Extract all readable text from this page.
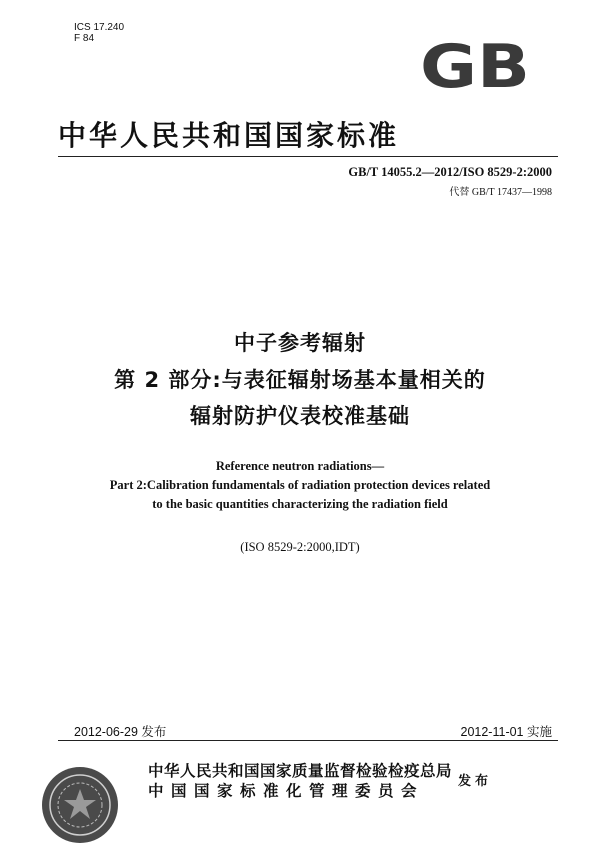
ICS 17.240
F 84	GB
中华人民共和国国家标准
GB/T 14055.2—2012/ISO 8529-2:2000
代替 GB/T 17437—1998
中子参考辐射
第 2 部分:与表征辐射场基本量相关的
辐射防护仪表校准基础
Reference neutron radiations—
Part 2:Calibration fundamentals of radiation protection devices related
to the basic quantities characterizing the radiation field
(ISO 8529-2:2000,IDT)
2012-06-29 发布	2012-11-01 实施
中华人民共和国国家质量监督检验检疫总局
中国国家标准化管理委员会
发布
